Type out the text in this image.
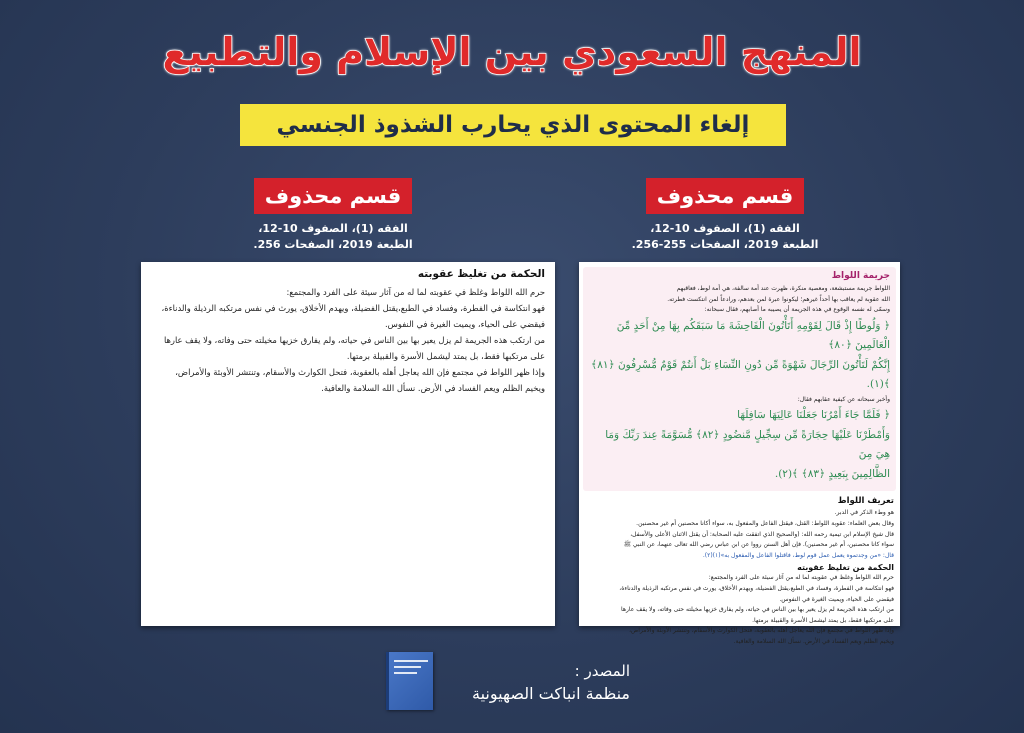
المنهج السعودي بين الإسلام والتطبيع
إلغاء المحتوى الذي يحارب الشذوذ الجنسي
قسم محذوف
الفقه (1)، الصفوف 10-12،
الطبعة 2019، الصفحات 256.
الحكمة من تغليظ عقوبته
حرم الله اللواط وغلظ في عقوبته لما له من آثار سيئة على الفرد والمجتمع:
فهو انتكاسة في الفطرة، وفساد في الطبع،يقتل الفضيلة، ويهدم الأخلاق، يورث في نفس مرتكبه الرذيلة والدناءة،
فيقضي على الحياء، ويميت الغيرة في النفوس.
من ارتكب هذه الجريمة لم يزل يعير بها بين الناس في حياته، ولم يفارق خزيها مخيلته حتى وفاته، ولا يقف عارها
على مرتكبها فقط، بل يمتد ليشمل الأسرة والقبيلة برمتها.
وإذا ظهر اللواط في مجتمع فإن الله يعاجل أهله بالعقوبة، فتحل الكوارث والأسقام، وتنتشر الأوبئة والأمراض،
ويخيم الظلم ويعم الفساد في الأرض. نسأل الله السلامة والعافية.
قسم محذوف
الفقه (1)، الصفوف 10-12،
الطبعة 2019، الصفحات 255-256.
جريمة اللواط

اللواط جريمة مستبشعة، ومعصية منكرة، ظهرت عند أمة سالفة، هي أمة لوط، فعاقبهم

الله عقوبة لم يعاقب بها أحداً غيرهم؛ ليكونوا عبرة لمن بعدهم، ورادعاً لمن انتكست فطرته.

وسمّى له نفسه الوقوع في هذه الجريمة أن يصيبه ما أصابهم، فقال سبحانه:

﴿ وَلُوطًا إِذْ قَالَ لِقَوْمِهِ أَتَأْتُونَ الْفَاحِشَةَ مَا سَبَقَكُم بِهَا مِنْ أَحَدٍ مِّنَ الْعَالَمِينَ ﴿٨٠﴾
إِنَّكُمْ لَتَأْتُونَ الرِّجَالَ شَهْوَةً مِّن دُونِ النِّسَاءِ بَلْ أَنتُمْ قَوْمٌ مُّسْرِفُونَ ﴿٨١﴾ ﴾(١).

وأخبر سبحانه عن كيفية عقابهم فقال:

﴿ فَلَمَّا جَاءَ أَمْرُنَا جَعَلْنَا عَالِيَهَا سَافِلَهَا
وَأَمْطَرْنَا عَلَيْهَا حِجَارَةً مِّن سِجِّيلٍ مَّنضُودٍ ﴿٨٢﴾ مُّسَوَّمَةً عِندَ رَبِّكَ وَمَا هِيَ مِنَ
الظَّالِمِينَ بِبَعِيدٍ ﴿٨٣﴾ ﴾(٢).
تعريف اللواط

هو وطء الذكر في الدبر.

وقال بعض العلماء: عقوبة اللواط: القتل، فيقتل الفاعل والمفعول به، سواء أكانا محصنين أم غير محصنين.

قال شيخ الإسلام ابن تيمية رحمه الله: (والصحيح الذي اتفقت عليه الصحابة: أن يقتل الاثنان الأعلى والأسفل،

سواء كانا محصنين، أم غير محصنين). فإن أهل السنن رووا عن ابن عباس رضي الله تعالى عنهما، عن النبي ﷺ

قال: «من وجدتموه يعمل عمل قوم لوط، فاقتلوا الفاعل والمفعول به»(١)(٢).

الحكمة من تغليظ عقوبته

حرم الله اللواط وغلظ في عقوبته لما له من آثار سيئة على الفرد والمجتمع:

فهو انتكاسة في الفطرة، وفساد في الطبع،يقتل الفضيلة، ويهدم الأخلاق، يورث في نفس مرتكبه الرذيلة والدناءة،

فيقضي على الحياء، ويميت الغيرة في النفوس.

من ارتكب هذه الجريمة لم يزل يعير بها بين الناس في حياته، ولم يفارق خزيها مخيلته حتى وفاته، ولا يقف عارها

على مرتكبها فقط، بل يمتد ليشمل الأسرة والقبيلة برمتها.

وإذا ظهر اللواط في مجتمع فإن الله يعاجل أهله بالعقوبة، فتحل الكوارث والأسقام، وتنتشر الأوبئة والأمراض،

ويخيم الظلم ويعم الفساد في الأرض. نسأل الله السلامة والعافية.

المصدر :
منظمة انباكت الصهيونية
